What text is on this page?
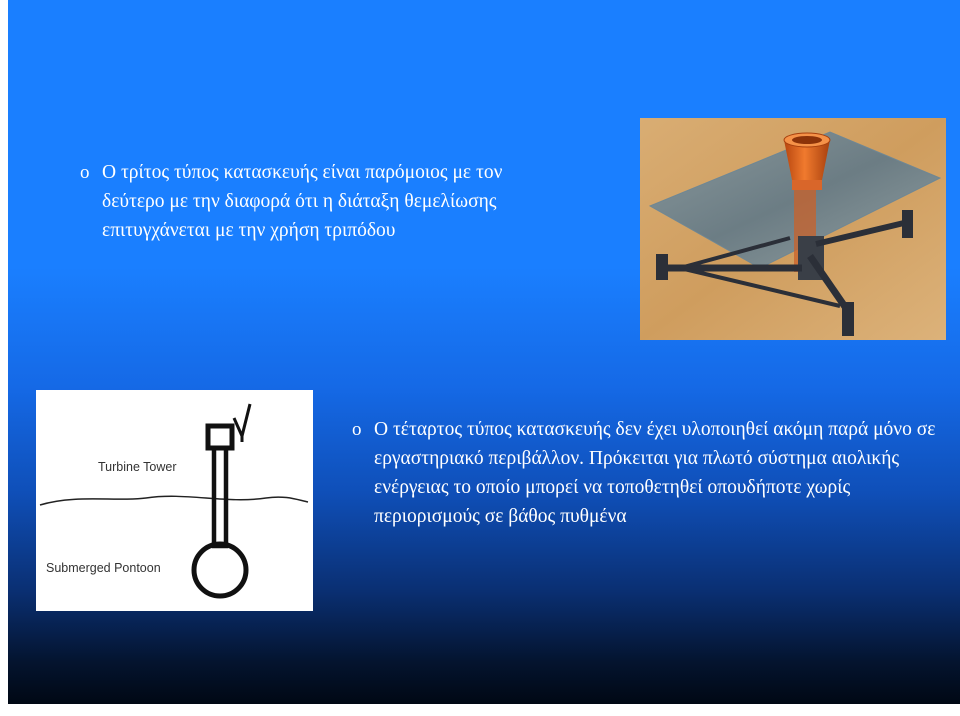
o Ο τρίτος τύπος κατασκευής είναι παρόμοιος με τον δεύτερο με την διαφορά ότι η διάταξη θεμελίωσης επιτυγχάνεται με την χρήση τριπόδου
Turbine Tower
Submerged Pontoon
o Ο τέταρτος τύπος κατασκευής δεν έχει υλοποιηθεί ακόμη παρά μόνο σε εργαστηριακό περιβάλλον. Πρόκειται για πλωτό σύστημα αιολικής ενέργειας το οποίο μπορεί να τοποθετηθεί οπουδήποτε χωρίς περιορισμούς σε βάθος πυθμένα
